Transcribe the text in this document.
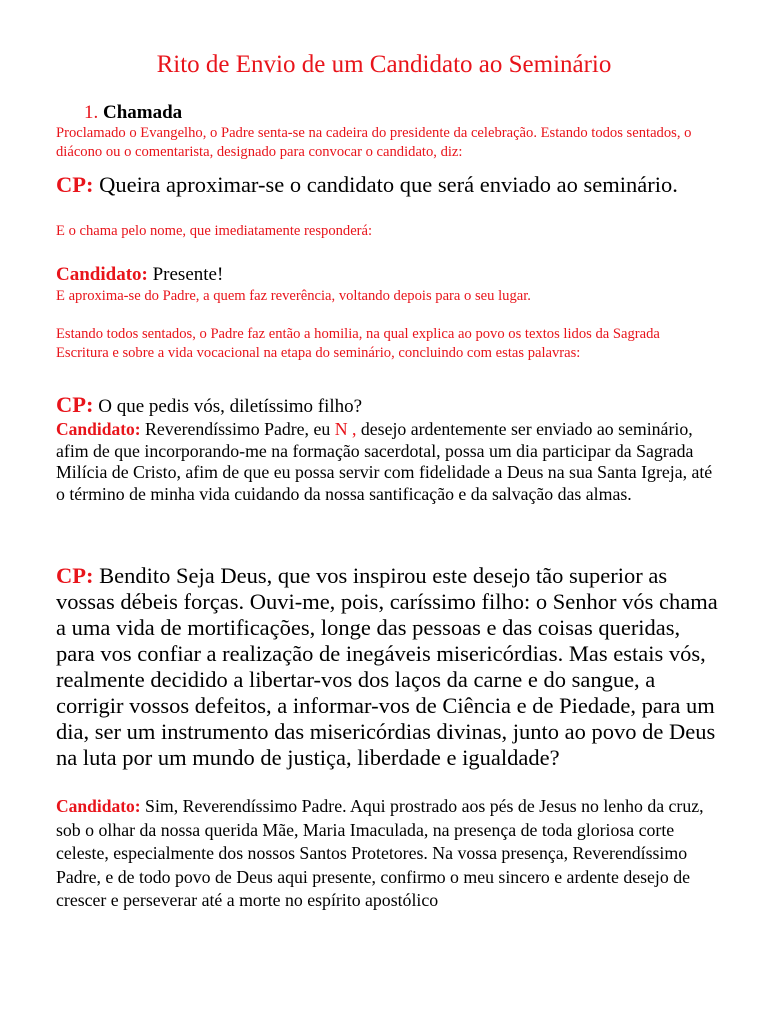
Rito de Envio de um Candidato ao Seminário
1. Chamada

Proclamado o Evangelho, o Padre senta-se na cadeira do presidente da celebração. Estando todos sentados, o diácono ou o comentarista, designado para convocar o candidato, diz:

CP: Queira aproximar-se o candidato que será enviado ao seminário.

E o chama pelo nome, que imediatamente responderá:

Candidato: Presente!

E aproxima-se do Padre, a quem faz reverência, voltando depois para o seu lugar.

Estando todos sentados, o Padre faz então a homilia, na qual explica ao povo os textos lidos da Sagrada Escritura e sobre a vida vocacional na etapa do seminário, concluindo com estas palavras:

CP: O que pedis vós, diletíssimo filho?

Candidato: Reverendíssimo Padre, eu N , desejo ardentemente ser enviado ao seminário, afim de que incorporando-me na formação sacerdotal, possa um dia participar da Sagrada Milícia de Cristo, afim de que eu possa servir com fidelidade a Deus na sua Santa Igreja, até o término de minha vida cuidando da nossa santificação e da salvação das almas.

CP: Bendito Seja Deus, que vos inspirou este desejo tão superior as vossas débeis forças. Ouvi-me, pois, caríssimo filho: o Senhor vós chama a uma vida de mortificações, longe das pessoas e das coisas queridas, para vos confiar a realização de inegáveis misericórdias. Mas estais vós, realmente decidido a libertar-vos dos laços da carne e do sangue, a corrigir vossos defeitos, a informar-vos de Ciência e de Piedade, para um dia, ser um instrumento das misericórdias divinas, junto ao povo de Deus na luta por um mundo de justiça, liberdade e igualdade?

Candidato: Sim, Reverendíssimo Padre. Aqui prostrado aos pés de Jesus no lenho da cruz, sob o olhar da nossa querida Mãe, Maria Imaculada, na presença de toda gloriosa corte celeste, especialmente dos nossos Santos Protetores. Na vossa presença, Reverendíssimo Padre, e de todo povo de Deus aqui presente, confirmo o meu sincero e ardente desejo de crescer e perseverar até a morte no espírito apostólico
